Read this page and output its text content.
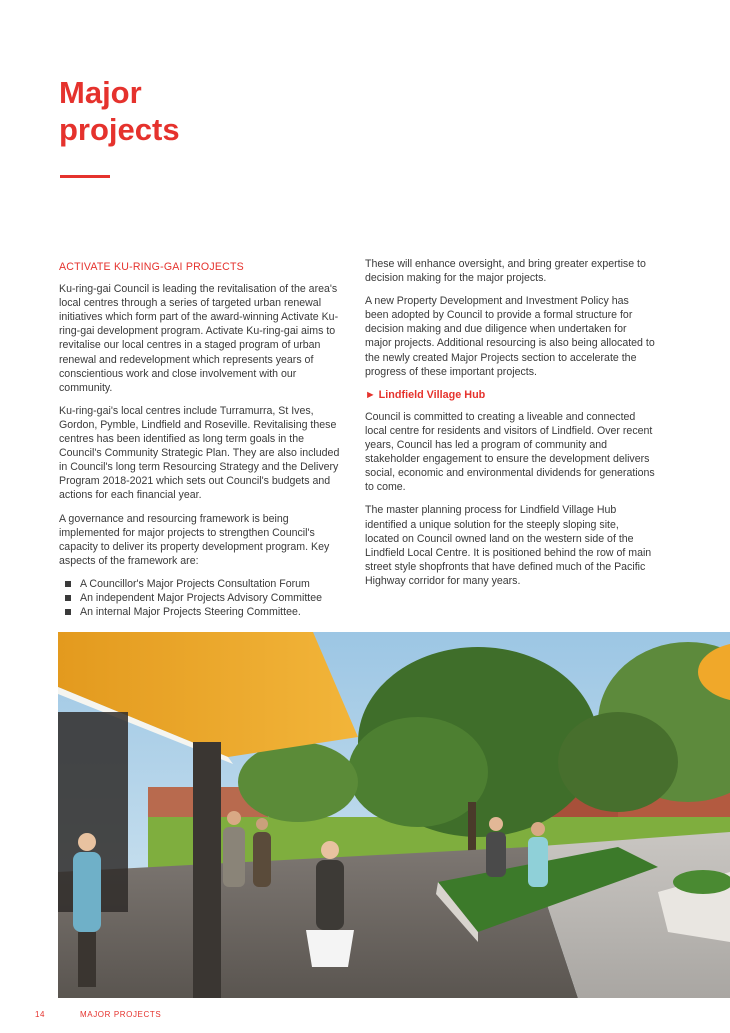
Major
projects
ACTIVATE KU-RING-GAI PROJECTS

Ku-ring-gai Council is leading the revitalisation of the area's local centres through a series of targeted urban renewal initiatives which form part of the award-winning Activate Ku-ring-gai development program. Activate Ku-ring-gai aims to revitalise our local centres in a staged program of urban renewal and redevelopment which represents years of conscientious work and close involvement with our community.

Ku-ring-gai's local centres include Turramurra, St Ives, Gordon, Pymble, Lindfield and Roseville. Revitalising these centres has been identified as long term goals in the Council's Community Strategic Plan. They are also included in Council's long term Resourcing Strategy and the Delivery Program 2018-2021 which sets out Council's budgets and actions for each financial year.

A governance and resourcing framework is being implemented for major projects to strengthen Council's capacity to deliver its property development program. Key aspects of the framework are:

A Councillor's Major Projects Consultation Forum
An independent Major Projects Advisory Committee
An internal Major Projects Steering Committee.

These will enhance oversight, and bring greater expertise to decision making for the major projects.

A new Property Development and Investment Policy has been adopted by Council to provide a formal structure for decision making and due diligence when undertaken for major projects. Additional resourcing is also being allocated to the newly created Major Projects section to accelerate the progress of these important projects.

► Lindfield Village Hub

Council is committed to creating a liveable and connected local centre for residents and visitors of Lindfield. Over recent years, Council has led a program of community and stakeholder engagement to ensure the development delivers social, economic and environmental dividends for generations to come.

The master planning process for Lindfield Village Hub identified a unique solution for the steeply sloping site, located on Council owned land on the western side of the Lindfield Local Centre. It is positioned behind the row of main street style shopfronts that have defined much of the Pacific Highway corridor for many years.

14	MAJOR PROJECTS
